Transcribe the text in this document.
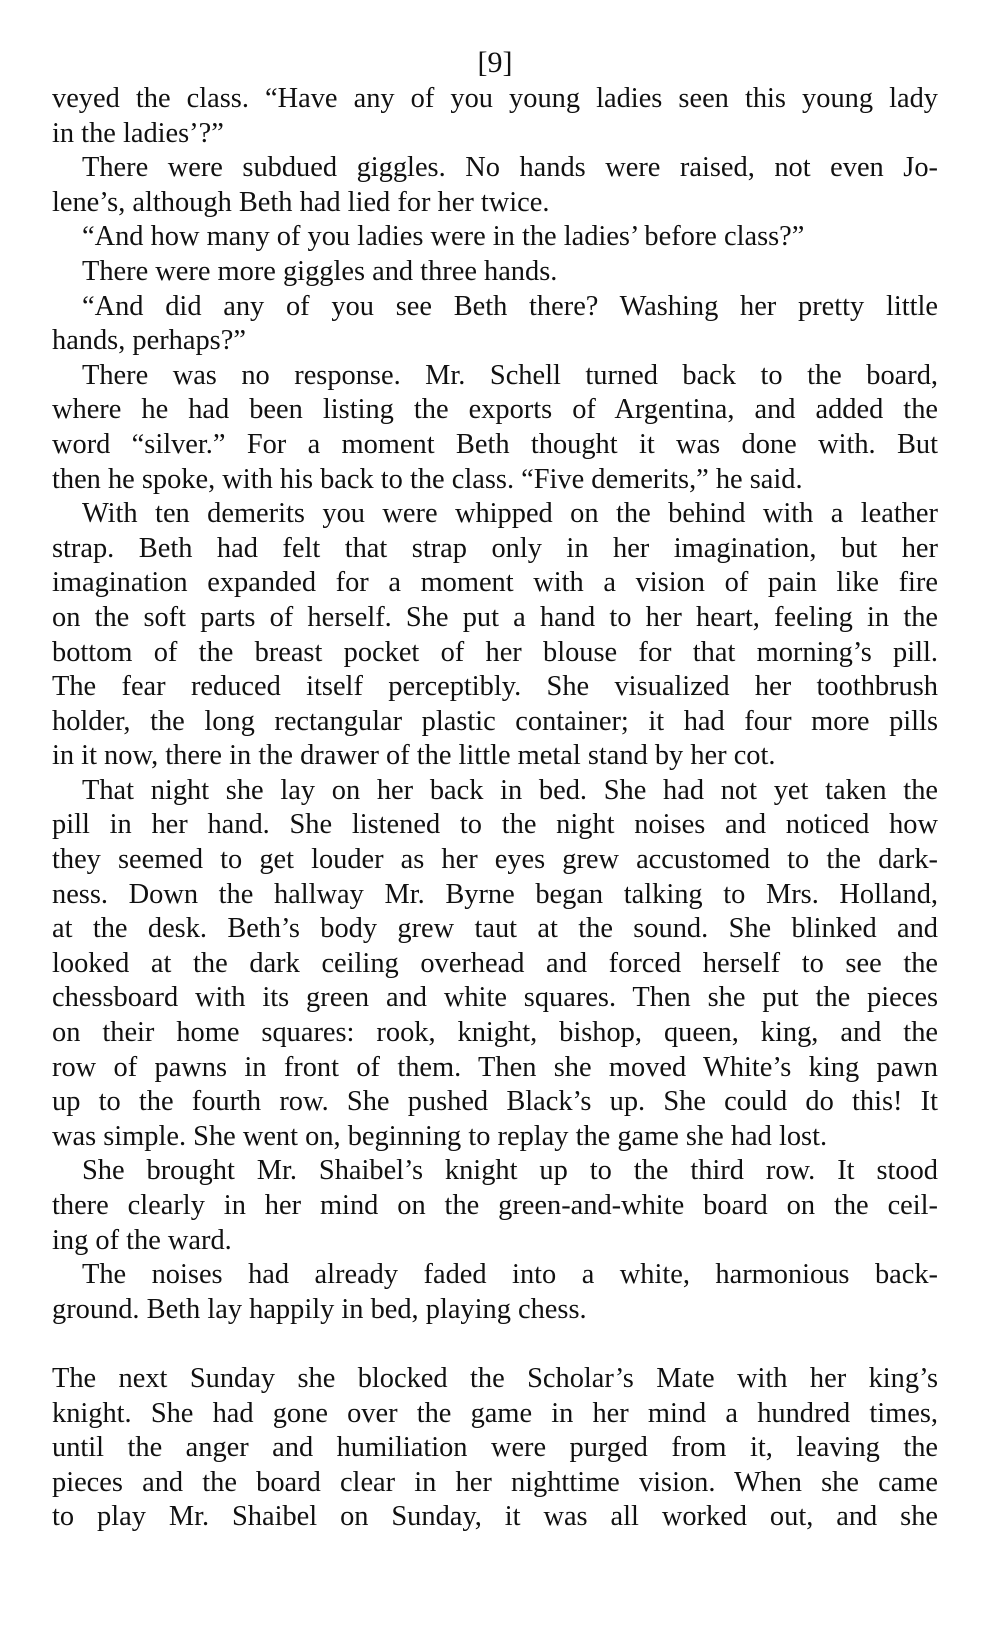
[9]

veyed the class. “Have any of you young ladies seen this young lady
in the ladies’?”

There were subdued giggles. No hands were raised, not even Jo-
lene’s, although Beth had lied for her twice.

“And how many of you ladies were in the ladies’ before class?”

There were more giggles and three hands.

“And did any of you see Beth there? Washing her pretty little
hands, perhaps?”

There was no response. Mr. Schell turned back to the board,
where he had been listing the exports of Argentina, and added the
word “silver.” For a moment Beth thought it was done with. But
then he spoke, with his back to the class. “Five demerits,” he said.

With ten demerits you were whipped on the behind with a leather
strap. Beth had felt that strap only in her imagination, but her
imagination expanded for a moment with a vision of pain like fire
on the soft parts of herself. She put a hand to her heart, feeling in the
bottom of the breast pocket of her blouse for that morning’s pill.
The fear reduced itself perceptibly. She visualized her toothbrush
holder, the long rectangular plastic container; it had four more pills
in it now, there in the drawer of the little metal stand by her cot.

That night she lay on her back in bed. She had not yet taken the
pill in her hand. She listened to the night noises and noticed how
they seemed to get louder as her eyes grew accustomed to the dark-
ness. Down the hallway Mr. Byrne began talking to Mrs. Holland,
at the desk. Beth’s body grew taut at the sound. She blinked and
looked at the dark ceiling overhead and forced herself to see the
chessboard with its green and white squares. Then she put the pieces
on their home squares: rook, knight, bishop, queen, king, and the
row of pawns in front of them. Then she moved White’s king pawn
up to the fourth row. She pushed Black’s up. She could do this! It
was simple. She went on, beginning to replay the game she had lost.

She brought Mr. Shaibel’s knight up to the third row. It stood
there clearly in her mind on the green-and-white board on the ceil-
ing of the ward.

The noises had already faded into a white, harmonious back-
ground. Beth lay happily in bed, playing chess.

The next Sunday she blocked the Scholar’s Mate with her king’s
knight. She had gone over the game in her mind a hundred times,
until the anger and humiliation were purged from it, leaving the
pieces and the board clear in her nighttime vision. When she came
to play Mr. Shaibel on Sunday, it was all worked out, and she
